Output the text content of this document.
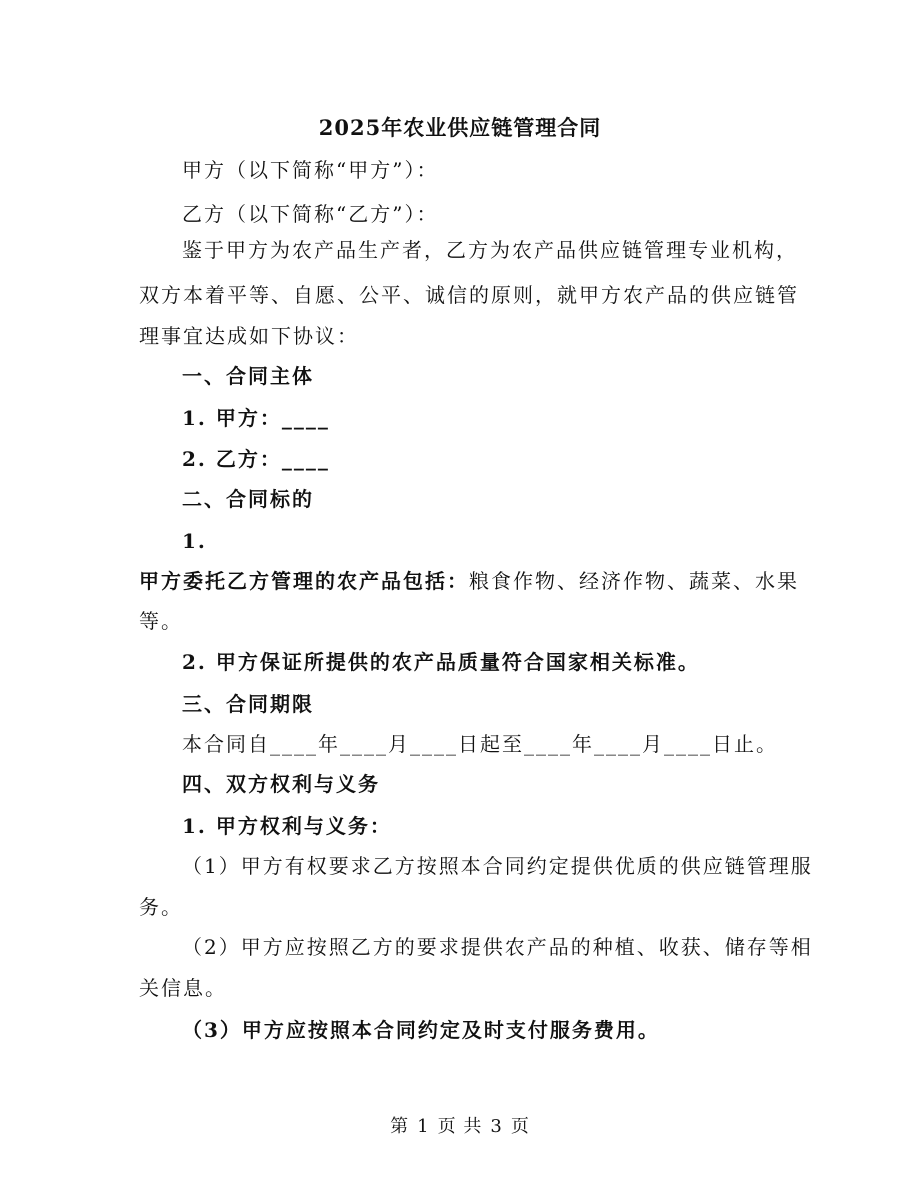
2025年农业供应链管理合同
甲方（以下简称“甲方”）：
乙方（以下简称“乙方”）：
鉴于甲方为农产品生产者，乙方为农产品供应链管理专业机构，
双方本着平等、自愿、公平、诚信的原则，就甲方农产品的供应链管
理事宜达成如下协议：
一、合同主体
1. 甲方：____
2. 乙方：____
二、合同标的
1.
甲方委托乙方管理的农产品包括：粮食作物、经济作物、蔬菜、水果
等。
2. 甲方保证所提供的农产品质量符合国家相关标准。
三、合同期限
本合同自____年____月____日起至____年____月____日止。
四、双方权利与义务
1. 甲方权利与义务：
（1）甲方有权要求乙方按照本合同约定提供优质的供应链管理服
务。
（2）甲方应按照乙方的要求提供农产品的种植、收获、储存等相
关信息。
（3）甲方应按照本合同约定及时支付服务费用。
第 1 页 共 3 页
